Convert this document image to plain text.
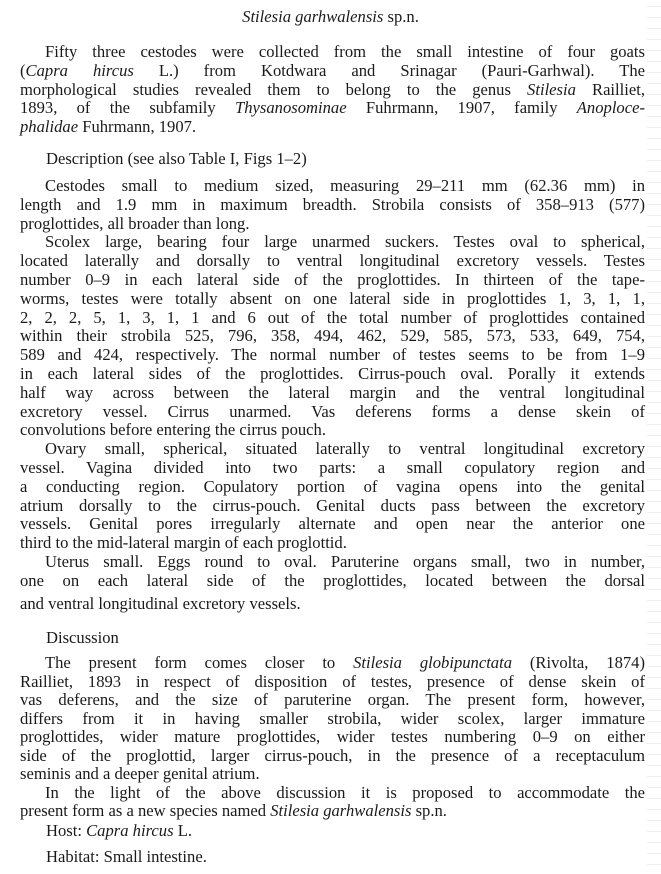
Stilesia garhwalensis sp.n.
Fifty three cestodes were collected from the small intestine of four goats
(Capra hircus L.) from Kotdwara and Srinagar (Pauri-Garhwal). The
morphological studies revealed them to belong to the genus Stilesia Railliet,
1893, of the subfamily Thysanosominae Fuhrmann, 1907, family Anoploce-
phalidae Fuhrmann, 1907.
Description (see also Table I, Figs 1–2)
Cestodes small to medium sized, measuring 29–211 mm (62.36 mm) in
length and 1.9 mm in maximum breadth. Strobila consists of 358–913 (577)
proglottides, all broader than long.
Scolex large, bearing four large unarmed suckers. Testes oval to spherical,
located laterally and dorsally to ventral longitudinal excretory vessels. Testes
number 0–9 in each lateral side of the proglottides. In thirteen of the tape-
worms, testes were totally absent on one lateral side in proglottides 1, 3, 1, 1,
2, 2, 2, 5, 1, 3, 1, 1 and 6 out of the total number of proglottides contained
within their strobila 525, 796, 358, 494, 462, 529, 585, 573, 533, 649, 754,
589 and 424, respectively. The normal number of testes seems to be from 1–9
in each lateral sides of the proglottides. Cirrus-pouch oval. Porally it extends
half way across between the lateral margin and the ventral longitudinal
excretory vessel. Cirrus unarmed. Vas deferens forms a dense skein of
convolutions before entering the cirrus pouch.
Ovary small, spherical, situated laterally to ventral longitudinal excretory
vessel. Vagina divided into two parts: a small copulatory region and
a conducting region. Copulatory portion of vagina opens into the genital
atrium dorsally to the cirrus-pouch. Genital ducts pass between the excretory
vessels. Genital pores irregularly alternate and open near the anterior one
third to the mid-lateral margin of each proglottid.
Uterus small. Eggs round to oval. Paruterine organs small, two in number,
one on each lateral side of the proglottides, located between the dorsal
and ventral longitudinal excretory vessels.
Discussion
The present form comes closer to Stilesia globipunctata (Rivolta, 1874)
Railliet, 1893 in respect of disposition of testes, presence of dense skein of
vas deferens, and the size of paruterine organ. The present form, however,
differs from it in having smaller strobila, wider scolex, larger immature
proglottides, wider mature proglottides, wider testes numbering 0–9 on either
side of the proglottid, larger cirrus-pouch, in the presence of a receptaculum
seminis and a deeper genital atrium.
In the light of the above discussion it is proposed to accommodate the
present form as a new species named Stilesia garhwalensis sp.n.
Host: Capra hircus L.
Habitat: Small intestine.
